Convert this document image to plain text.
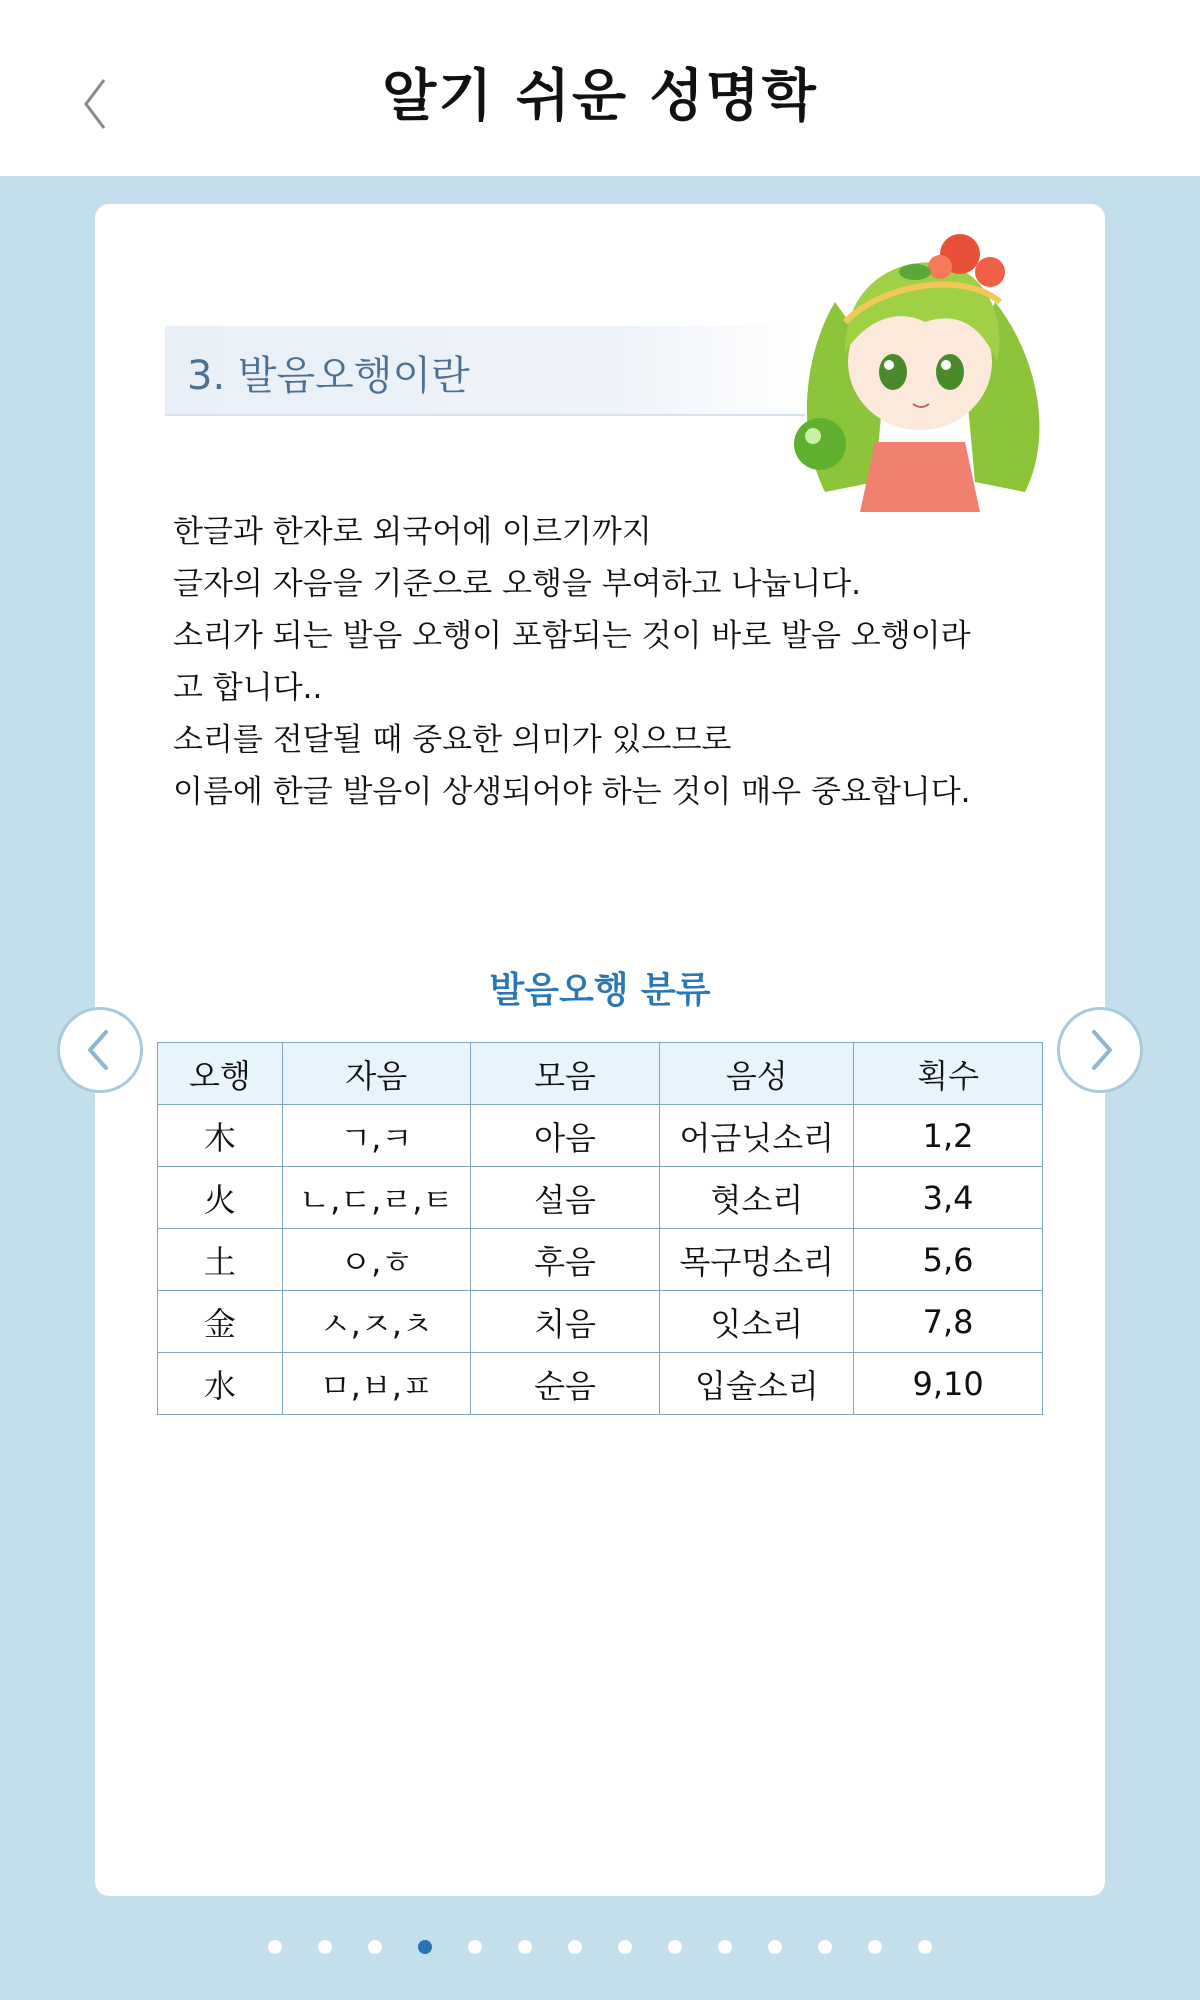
알기 쉬운 성명학
3. 발음오행이란
한글과 한자로 외국어에 이르기까지
글자의 자음을 기준으로 오행을 부여하고 나눕니다.
소리가 되는 발음 오행이 포함되는 것이 바로 발음 오행이라
고 합니다..
소리를 전달될 때 중요한 의미가 있으므로
이름에 한글 발음이 상생되어야 하는 것이 매우 중요합니다.
발음오행 분류
오행	자음	모음	음성	획수
木	ㄱ,ㅋ	아음	어금닛소리	1,2
火	ㄴ,ㄷ,ㄹ,ㅌ	설음	혓소리	3,4
土	ㅇ,ㅎ	후음	목구멍소리	5,6
金	ㅅ,ㅈ,ㅊ	치음	잇소리	7,8
水	ㅁ,ㅂ,ㅍ	순음	입술소리	9,10
